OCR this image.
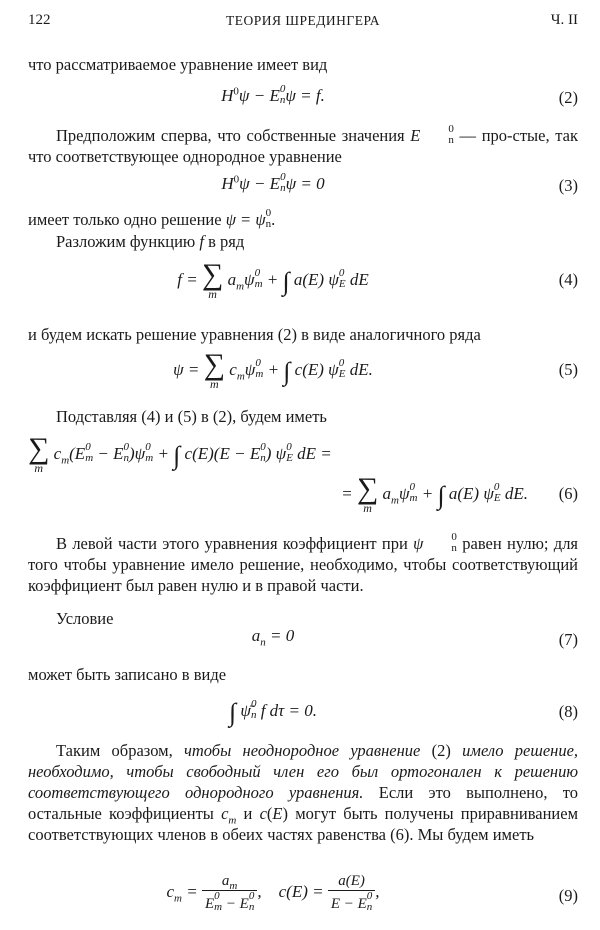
122	ТЕОРИЯ ШРЕДИНГЕРА	Ч. II
что рассматриваемое уравнение имеет вид
$H^0\psi - E$ 0
n ψ = f.	(2)
Предположим сперва, что собственные значения E	0
n — про-стые, так что соответствующее однородное уравнение
$H^0\psi - E$ 0
n ψ = 0	(3)
имеет только одно решение ψ = ψ 0
n .
Разложим функцию f в ряд
f = ∑
m
$a_m\psi$ 0
m + ∫ a(E) ψ 0
E dE	(4)
и будем искать решение уравнения (2) в виде аналогичного ряда
ψ = ∑
m
$c_m\psi$ 0
m + ∫ c(E) ψ 0
E dE.	(5)
Подставляя (4) и (5) в (2), будем иметь
∑
m
$c_m(E$ 0
m − E 0
n )ψ 0
m + ∫ c(E)(E − E 0
n ) ψ 0
E dE =
= ∑
m
$a_m\psi$ 0
m + ∫ a(E) ψ 0
E dE. (6)
В левой части этого уравнения коэффициент при ψ	0
n равен нулю; для того чтобы уравнение имело решение, необходимо, чтобы соответствующий коэффициент был равен нулю и в правой части.
Условие
$a_n = 0$	(7)
может быть записано в виде
∫ ψ̄ 0
n f dτ = 0.	(8)
Таким образом, чтобы неоднородное уравнение (2) имело решение, необходимо, чтобы свободный член его был ортогонален к решению соответствующего однородного уравнения. Если это выполнено, то остальные коэффициенты $c_m$ и c(E) могут быть получены приравниванием соответствующих членов в обеих частях равенства (6). Мы будем иметь
$c_m = a_m$
E 0
m − E 0
n ,    c(E) = a(E)
E − E 0
n ,	(9)
